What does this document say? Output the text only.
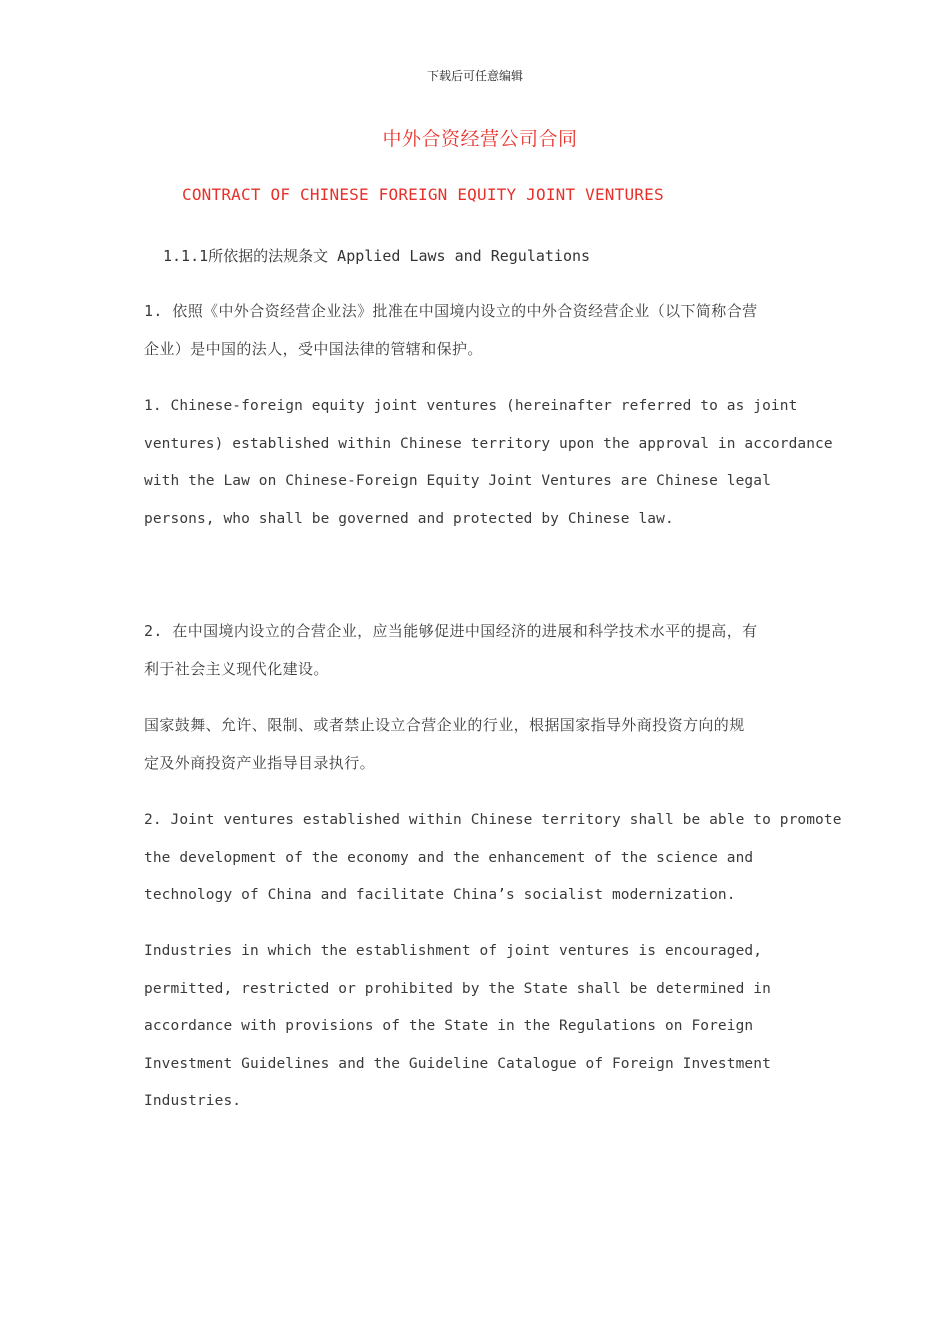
下载后可任意编辑
中外合资经营公司合同
CONTRACT OF CHINESE FOREIGN EQUITY JOINT VENTURES
1.1.1所依据的法规条文 Applied Laws and Regulations

1. 依照《中外合资经营企业法》批准在中国境内设立的中外合资经营企业（以下简称合营
企业）是中国的法人，受中国法律的管辖和保护。

1. Chinese-foreign equity joint ventures (hereinafter referred to as joint
ventures) established within Chinese territory upon the approval in accordance
with the Law on Chinese-Foreign Equity Joint Ventures are Chinese legal
persons, who shall be governed and protected by Chinese law.

2. 在中国境内设立的合营企业，应当能够促进中国经济的进展和科学技术水平的提高，有
利于社会主义现代化建设。

国家鼓舞、允许、限制、或者禁止设立合营企业的行业，根据国家指导外商投资方向的规
定及外商投资产业指导目录执行。

2. Joint ventures established within Chinese territory shall be able to promote
the development of the economy and the enhancement of the science and
technology of China and facilitate China’s socialist modernization.

Industries in which the establishment of joint ventures is encouraged,
permitted, restricted or prohibited by the State shall be determined in
accordance with provisions of the State in the Regulations on Foreign
Investment Guidelines and the Guideline Catalogue of Foreign Investment
Industries.
